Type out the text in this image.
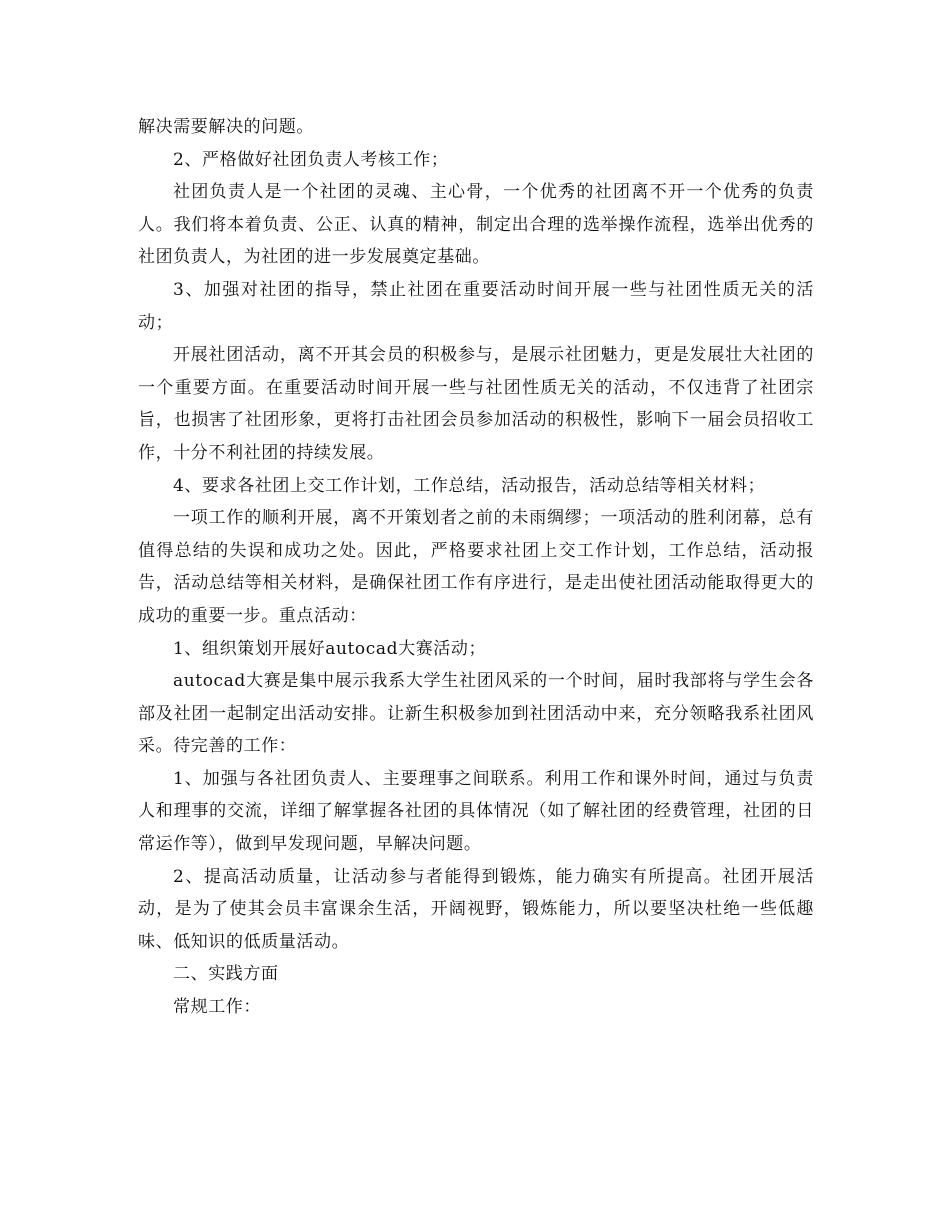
解决需要解决的问题。

2、严格做好社团负责人考核工作；

社团负责人是一个社团的灵魂、主心骨，一个优秀的社团离不开一个优秀的负责人。我们将本着负责、公正、认真的精神，制定出合理的选举操作流程，选举出优秀的社团负责人，为社团的进一步发展奠定基础。

3、加强对社团的指导，禁止社团在重要活动时间开展一些与社团性质无关的活动；

开展社团活动，离不开其会员的积极参与，是展示社团魅力，更是发展壮大社团的一个重要方面。在重要活动时间开展一些与社团性质无关的活动，不仅违背了社团宗旨，也损害了社团形象，更将打击社团会员参加活动的积极性，影响下一届会员招收工作，十分不利社团的持续发展。

4、要求各社团上交工作计划，工作总结，活动报告，活动总结等相关材料；

一项工作的顺利开展，离不开策划者之前的未雨绸缪；一项活动的胜利闭幕，总有值得总结的失误和成功之处。因此，严格要求社团上交工作计划，工作总结，活动报告，活动总结等相关材料，是确保社团工作有序进行，是走出使社团活动能取得更大的成功的重要一步。重点活动：

1、组织策划开展好autocad大赛活动；

autocad大赛是集中展示我系大学生社团风采的一个时间，届时我部将与学生会各部及社团一起制定出活动安排。让新生积极参加到社团活动中来，充分领略我系社团风采。待完善的工作：

1、加强与各社团负责人、主要理事之间联系。利用工作和课外时间，通过与负责人和理事的交流，详细了解掌握各社团的具体情况（如了解社团的经费管理，社团的日常运作等），做到早发现问题，早解决问题。

2、提高活动质量，让活动参与者能得到锻炼，能力确实有所提高。社团开展活动，是为了使其会员丰富课余生活，开阔视野，锻炼能力，所以要坚决杜绝一些低趣味、低知识的低质量活动。

二、实践方面

常规工作：
